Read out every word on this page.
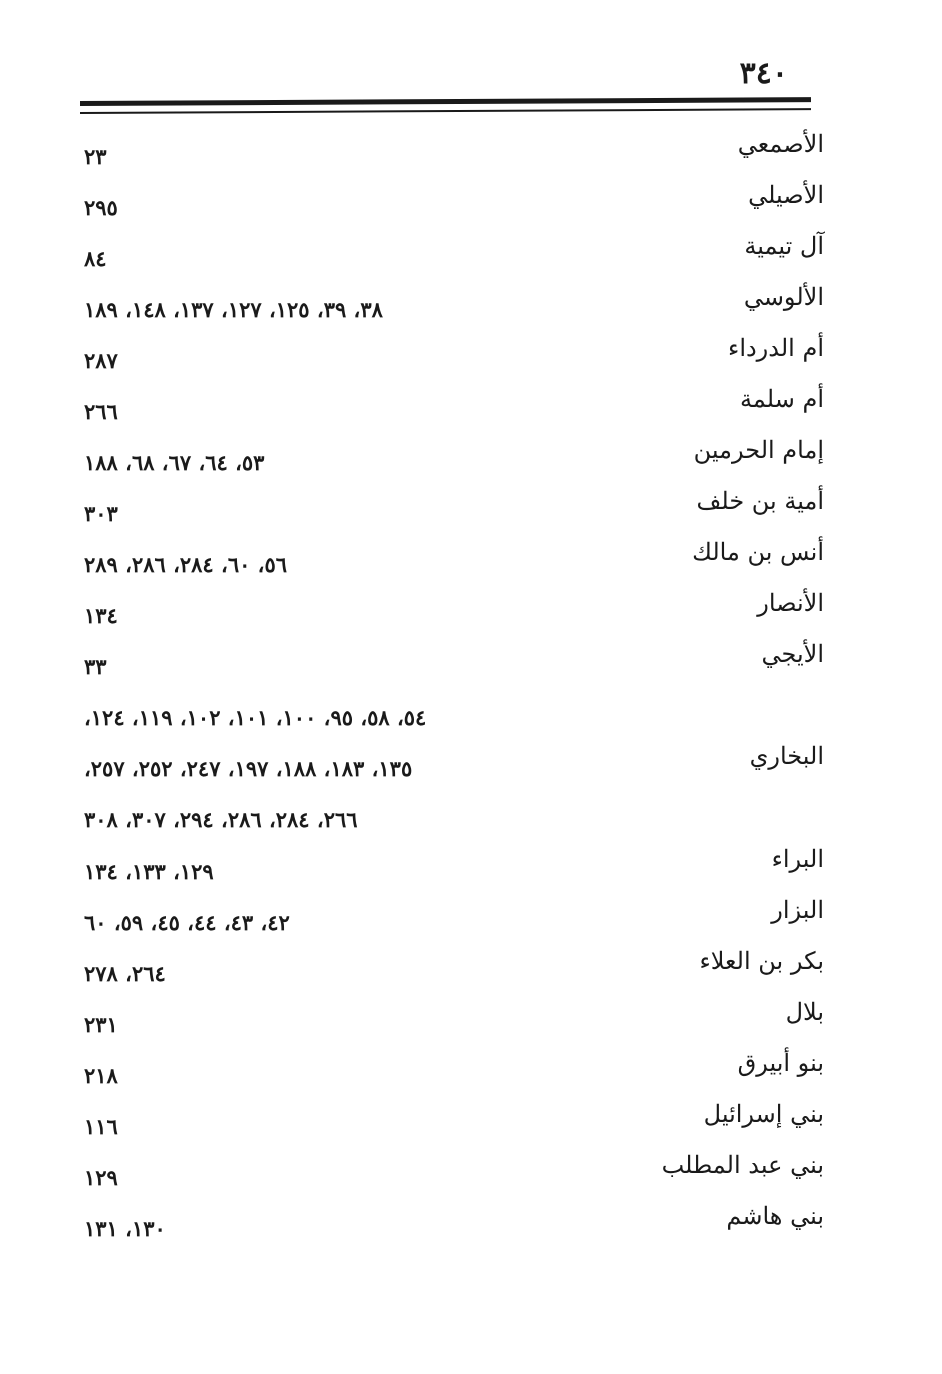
٣٤٠
الأصمعي
٢٣
الأصيلي
٢٩٥
آل تيمية
٨٤
الألوسي
٣٨، ٣٩، ١٢٥، ١٢٧، ١٣٧، ١٤٨، ١٨٩
أم الدرداء
٢٨٧
أم سلمة
٢٦٦
إمام الحرمين
٥٣، ٦٤، ٦٧، ٦٨، ١٨٨
أمية بن خلف
٣٠٣
أنس بن مالك
٥٦، ٦٠، ٢٨٤، ٢٨٦، ٢٨٩
الأنصار
١٣٤
الأيجي
٣٣
٥٤، ٥٨، ٩٥، ١٠٠، ١٠١، ١٠٢، ١١٩، ١٢٤،
البخاري
١٣٥، ١٨٣، ١٨٨، ١٩٧، ٢٤٧، ٢٥٢، ٢٥٧،
٢٦٦، ٢٨٤، ٢٨٦، ٢٩٤، ٣٠٧، ٣٠٨
البراء
١٢٩، ١٣٣، ١٣٤
البزار
٤٢، ٤٣، ٤٤، ٤٥، ٥٩، ٦٠
بكر بن العلاء
٢٦٤، ٢٧٨
بلال
٢٣١
بنو أبيرق
٢١٨
بني إسرائيل
١١٦
بني عبد المطلب
١٢٩
بني هاشم
١٣٠، ١٣١
